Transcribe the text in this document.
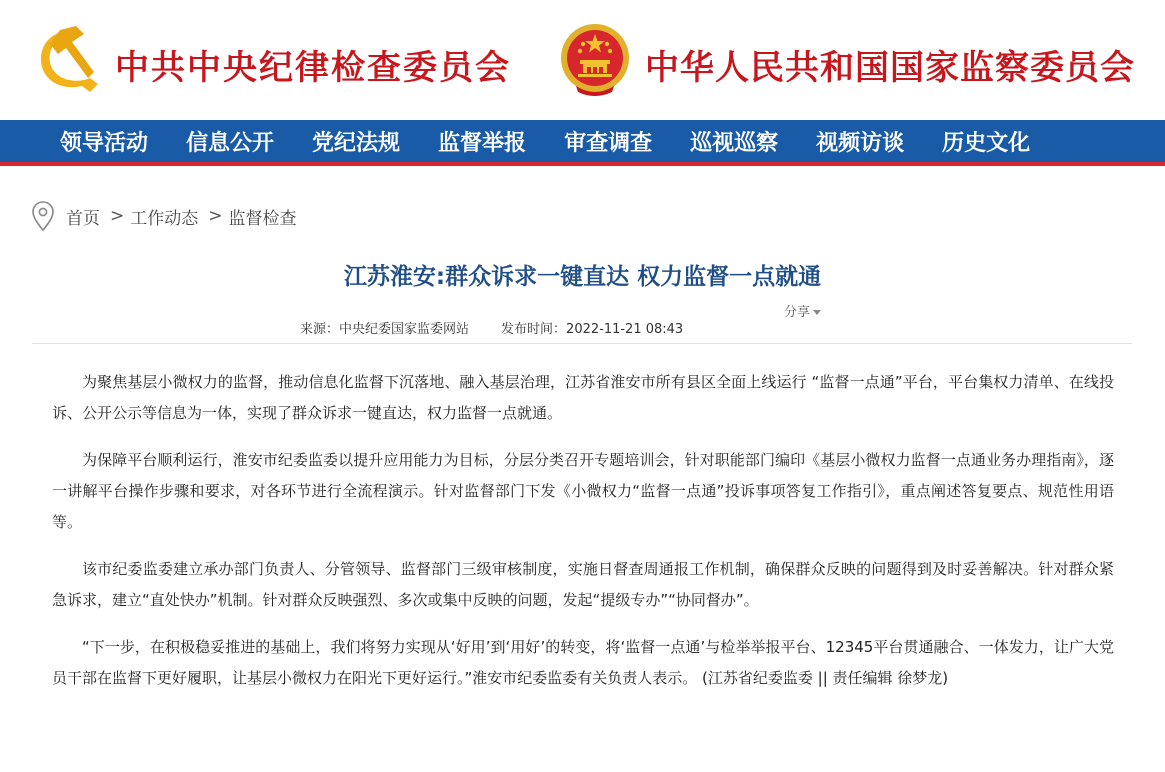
中共中央纪律检查委员会	中华人民共和国国家监察委员会
领导活动 信息公开 党纪法规 监督举报 审查调查 巡视巡察 视频访谈 历史文化
首页 > 工作动态 > 监督检查
江苏淮安:群众诉求一键直达 权力监督一点就通
分享
来源：中央纪委国家监委网站 发布时间：2022-11-21 08:43

为聚焦基层小微权力的监督，推动信息化监督下沉落地、融入基层治理，江苏省淮安市所有县区全面上线运行 “监督一点通”平台，平台集权力清单、在线投诉、公开公示等信息为一体，实现了群众诉求一键直达，权力监督一点就通。

为保障平台顺利运行，淮安市纪委监委以提升应用能力为目标，分层分类召开专题培训会，针对职能部门编印《基层小微权力监督一点通业务办理指南》，逐一讲解平台操作步骤和要求，对各环节进行全流程演示。针对监督部门下发《小微权力“监督一点通”投诉事项答复工作指引》，重点阐述答复要点、规范性用语等。

该市纪委监委建立承办部门负责人、分管领导、监督部门三级审核制度，实施日督查周通报工作机制，确保群众反映的问题得到及时妥善解决。针对群众紧急诉求，建立“直处快办”机制。针对群众反映强烈、多次或集中反映的问题，发起“提级专办”“协同督办”。

“下一步，在积极稳妥推进的基础上，我们将努力实现从‘好用’到‘用好’的转变，将‘监督一点通’与检举举报平台、12345平台贯通融合、一体发力，让广大党员干部在监督下更好履职，让基层小微权力在阳光下更好运行。”淮安市纪委监委有关负责人表示。 (江苏省纪委监委 || 责任编辑 徐梦龙)
